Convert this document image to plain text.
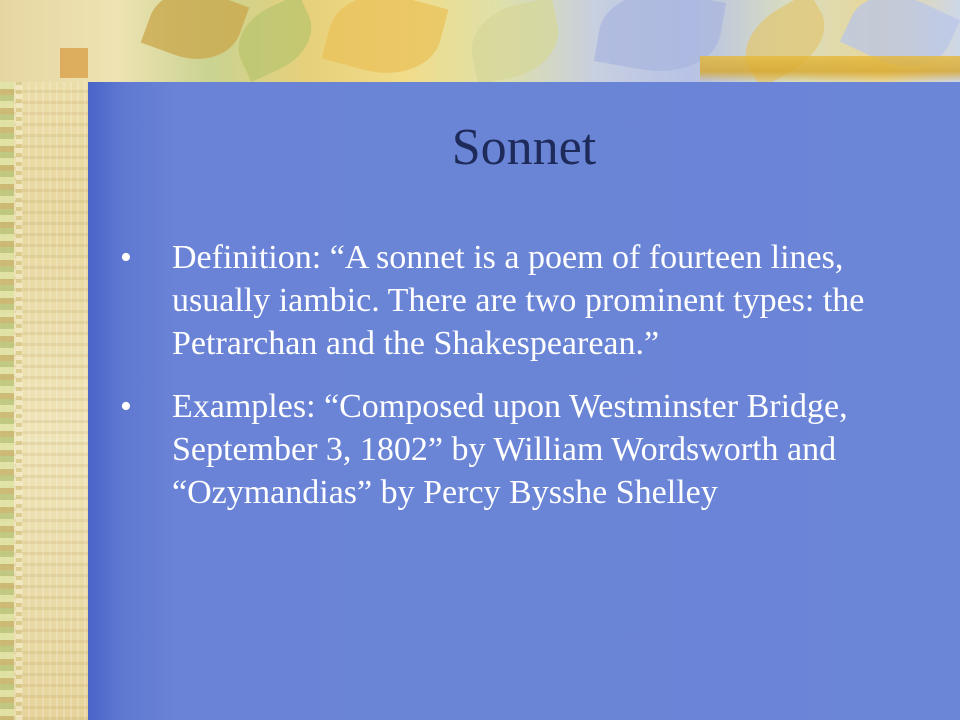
Sonnet
•	Definition: “A sonnet is a poem of fourteen lines, usually iambic. There are two prominent types: the Petrarchan and the Shakespearean.”
•	Examples: “Composed upon Westminster Bridge, September 3, 1802” by William Wordsworth and “Ozymandias” by Percy Bysshe Shelley
